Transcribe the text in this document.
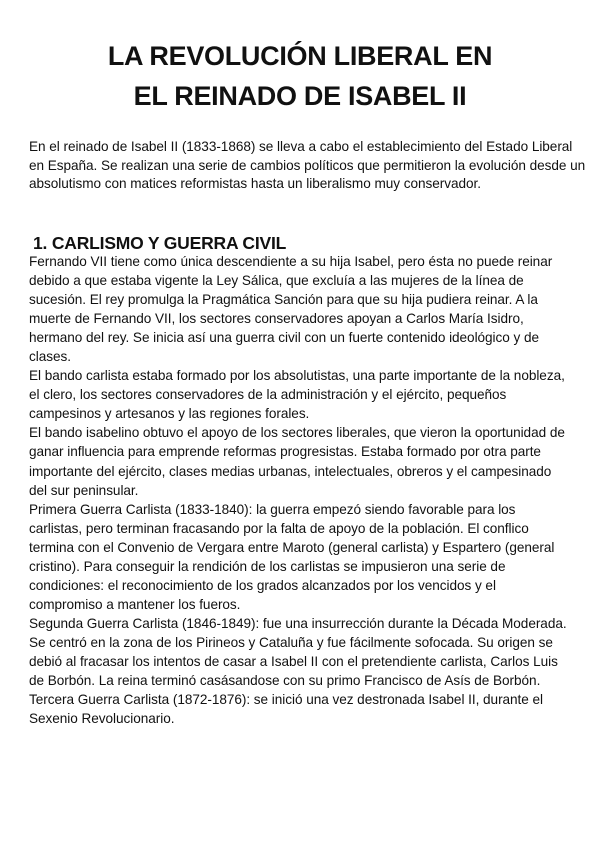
LA REVOLUCIÓN LIBERAL EN
EL REINADO DE ISABEL II

En el reinado de Isabel II (1833-1868) se lleva a cabo el establecimiento del Estado Liberal en España. Se realizan una serie de cambios políticos que permitieron la evolución desde un absolutismo con matices reformistas hasta un liberalismo muy conservador.

1. CARLISMO Y GUERRA CIVIL

Fernando VII tiene como única descendiente a su hija Isabel, pero ésta no puede reinar debido a que estaba vigente la Ley Sálica, que excluía a las mujeres de la línea de sucesión. El rey promulga la Pragmática Sanción para que su hija pudiera reinar. A la muerte de Fernando VII, los sectores conservadores apoyan a Carlos María Isidro, hermano del rey. Se inicia así una guerra civil con un fuerte contenido ideológico y de clases.

El bando carlista estaba formado por los absolutistas, una parte importante de la nobleza, el clero, los sectores conservadores de la administración y el ejército, pequeños campesinos y artesanos y las regiones forales.

El bando isabelino obtuvo el apoyo de los sectores liberales, que vieron la oportunidad de ganar influencia para emprende reformas progresistas. Estaba formado por otra parte importante del ejército, clases medias urbanas, intelectuales, obreros y el campesinado del sur peninsular.

Primera Guerra Carlista (1833-1840): la guerra empezó siendo favorable para los carlistas, pero terminan fracasando por la falta de apoyo de la población. El conflico termina con el Convenio de Vergara entre Maroto (general carlista) y Espartero (general cristino). Para conseguir la rendición de los carlistas se impusieron una serie de condiciones: el reconocimiento de los grados alcanzados por los vencidos y el compromiso a mantener los fueros.

Segunda Guerra Carlista (1846-1849): fue una insurrección durante la Década Moderada. Se centró en la zona de los Pirineos y Cataluña y fue fácilmente sofocada. Su origen se debió al fracasar los intentos de casar a Isabel II con el pretendiente carlista, Carlos Luis de Borbón. La reina terminó casásandose con su primo Francisco de Asís de Borbón.

Tercera Guerra Carlista (1872-1876): se inició una vez destronada Isabel II, durante el Sexenio Revolucionario.
